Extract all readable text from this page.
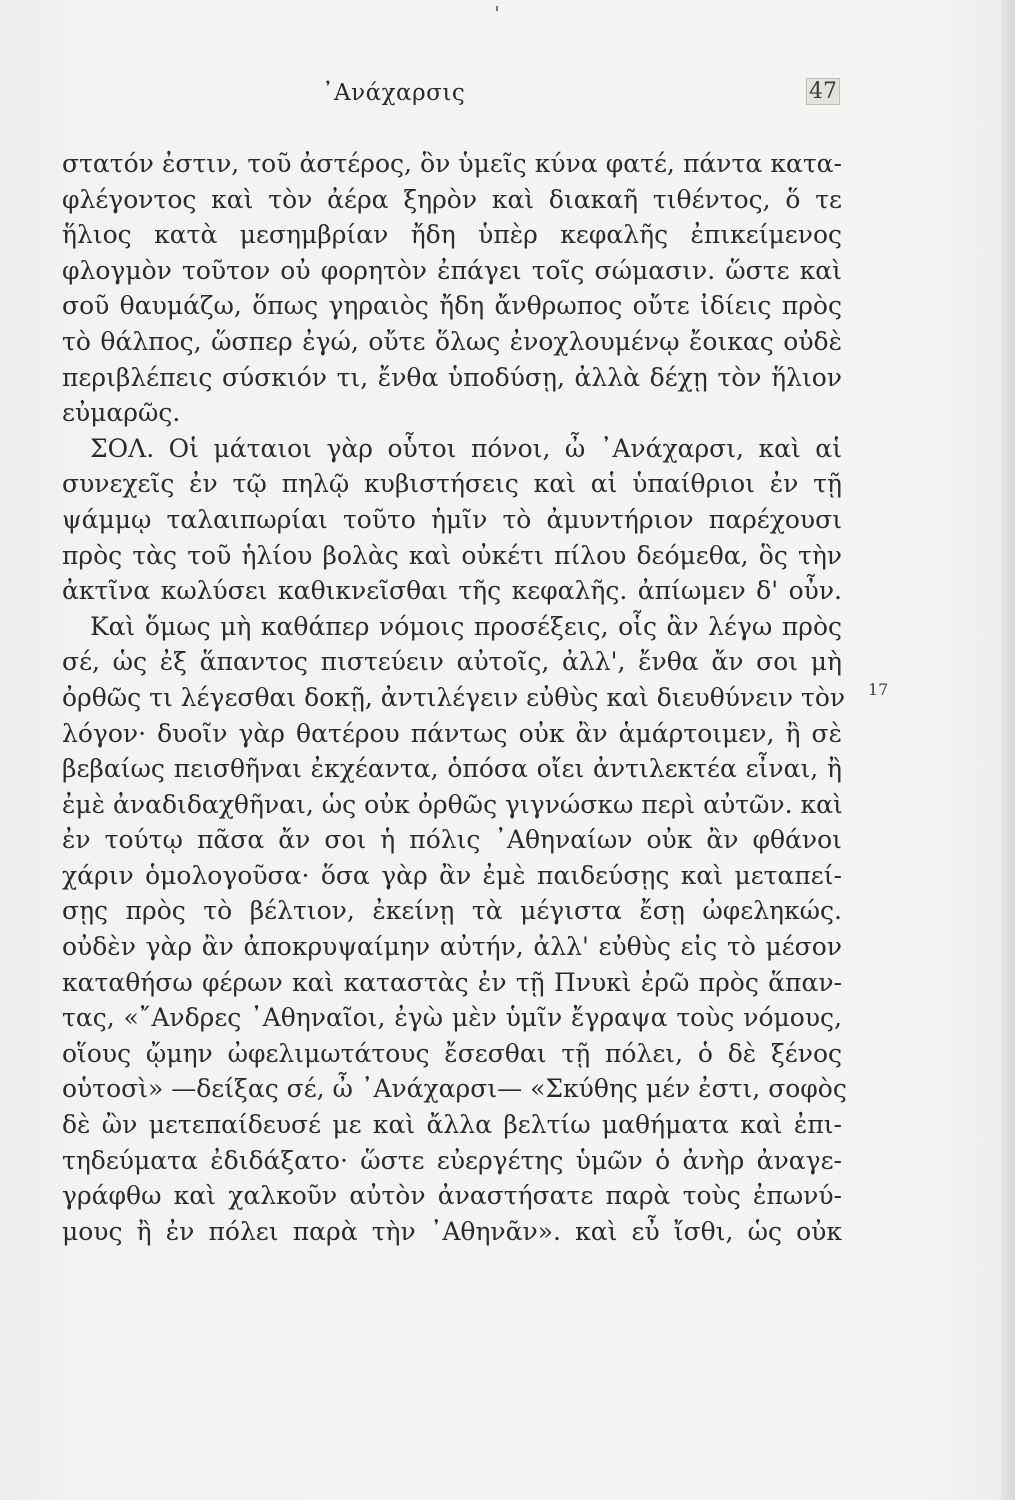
᾿Ανάχαρσις	47
στατόν ἐστιν, τοῦ ἀστέρος, ὃν ὑμεῖς κύνα φατέ, πάντα κατα-
φλέγοντος καὶ τὸν ἀέρα ξηρὸν καὶ διακαῆ τιθέντος, ὅ τε
ἥλιος κατὰ μεσημβρίαν ἤδη ὑπὲρ κεφαλῆς ἐπικείμενος
φλογμὸν τοῦτον οὐ φορητὸν ἐπάγει τοῖς σώμασιν. ὥστε καὶ
σοῦ θαυμάζω, ὅπως γηραιὸς ἤδη ἄνθρωπος οὔτε ἰδίεις πρὸς
τὸ θάλπος, ὥσπερ ἐγώ, οὔτε ὅλως ἐνοχλουμένῳ ἔοικας οὐδὲ
περιβλέπεις σύσκιόν τι, ἔνθα ὑποδύσῃ, ἀλλὰ δέχῃ τὸν ἥλιον
εὐμαρῶς.
ΣΟΛ. Οἱ μάταιοι γὰρ οὗτοι πόνοι, ὦ ᾿Ανάχαρσι, καὶ αἱ
συνεχεῖς ἐν τῷ πηλῷ κυβιστήσεις καὶ αἱ ὑπαίθριοι ἐν τῇ
ψάμμῳ ταλαιπωρίαι τοῦτο ἡμῖν τὸ ἀμυντήριον παρέχουσι
πρὸς τὰς τοῦ ἡλίου βολὰς καὶ οὐκέτι πίλου δεόμεθα, ὃς τὴν
ἀκτῖνα κωλύσει καθικνεῖσθαι τῆς κεφαλῆς. ἀπίωμεν δ' οὖν.
Καὶ ὅμως μὴ καθάπερ νόμοις προσέξεις, οἷς ἂν λέγω πρὸς
σέ, ὡς ἐξ ἅπαντος πιστεύειν αὐτοῖς, ἀλλ', ἔνθα ἄν σοι μὴ
ὀρθῶς τι λέγεσθαι δοκῇ, ἀντιλέγειν εὐθὺς καὶ διευθύνειν τὸν
λόγον· δυοῖν γὰρ θατέρου πάντως οὐκ ἂν ἁμάρτοιμεν, ἢ σὲ
βεβαίως πεισθῆναι ἐκχέαντα, ὁπόσα οἴει ἀντιλεκτέα εἶναι, ἢ
ἐμὲ ἀναδιδαχθῆναι, ὡς οὐκ ὀρθῶς γιγνώσκω περὶ αὐτῶν. καὶ
ἐν τούτῳ πᾶσα ἄν σοι ἡ πόλις ᾿Αθηναίων οὐκ ἂν φθάνοι
χάριν ὁμολογοῦσα· ὅσα γὰρ ἂν ἐμὲ παιδεύσῃς καὶ μεταπεί-
σῃς πρὸς τὸ βέλτιον, ἐκείνῃ τὰ μέγιστα ἔσῃ ὠφεληκώς.
οὐδὲν γὰρ ἂν ἀποκρυψαίμην αὐτήν, ἀλλ' εὐθὺς εἰς τὸ μέσον
καταθήσω φέρων καὶ καταστὰς ἐν τῇ Πνυκὶ ἐρῶ πρὸς ἅπαν-
τας, «῎Ανδρες ᾿Αθηναῖοι, ἐγὼ μὲν ὑμῖν ἔγραψα τοὺς νόμους,
οἵους ᾤμην ὠφελιμωτάτους ἔσεσθαι τῇ πόλει, ὁ δὲ ξένος
οὑτοσὶ» —δείξας σέ, ὦ ᾿Ανάχαρσι— «Σκύθης μέν ἐστι, σοφὸς
δὲ ὢν μετεπαίδευσέ με καὶ ἄλλα βελτίω μαθήματα καὶ ἐπι-
τηδεύματα ἐδιδάξατο· ὥστε εὐεργέτης ὑμῶν ὁ ἀνὴρ ἀναγε-
γράφθω καὶ χαλκοῦν αὐτὸν ἀναστήσατε παρὰ τοὺς ἐπωνύ-
μους ἢ ἐν πόλει παρὰ τὴν ᾿Αθηνᾶν». καὶ εὖ ἴσθι, ὡς οὐκ
17
